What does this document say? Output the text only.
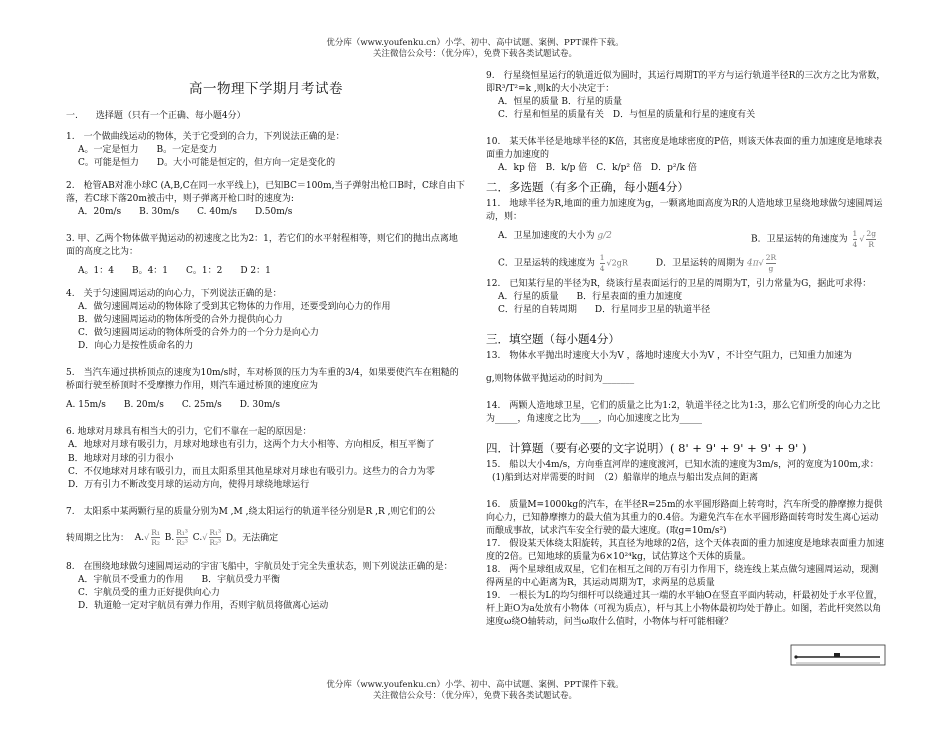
优分库（www.youfenku.cn）小学、初中、高中试题、案例、PPT课件下载。
关注微信公众号：（优分库），免费下载各类试题试卷。
高一物理下学期月考试卷
一.　　选择题（只有一个正确、每小题4分）
1.　一个做曲线运动的物体，关于它受到的合力，下列说法正确的是：
A。一定是恒力　　B。一定是变力
C。可能是恒力　　D。大小可能是恒定的，但方向一定是变化的
2.　枪管AB对准小球C (A,B,C在同一水平线上)，已知BC＝100m,当子弹射出枪口B时，C球自由下落，若C球下落20m被击中，则子弹离开枪口时的速度为:
A．20m/s　　B. 30m/s　　C. 40m/s　　D.50m/s
3. 甲、乙两个物体做平抛运动的初速度之比为2：1，若它们的水平射程相等，则它们的抛出点离地面的高度之比为：
A。1：4　　B。4：1　　C。1：2　　D 2：1
4.　关于匀速圆周运动的向心力，下列说法正确的是：
A．做匀速圆周运动的物体除了受到其它物体的力作用，还要受到向心力的作用
B．做匀速圆周运动的物体所受的合外力提供向心力
C．做匀速圆周运动的物体所受的合外力的一个分力是向心力
D．向心力是按性质命名的力
5.　当汽车通过拱桥顶点的速度为10m/s时，车对桥顶的压力为车重的3/4，如果要使汽车在粗糙的桥面行驶至桥顶时不受摩擦力作用，则汽车通过桥顶的速度应为
A. 15m/s　　B. 20m/s　　C. 25m/s　　D. 30m/s
6. 地球对月球具有相当大的引力，它们不靠在一起的原因是：
A．地球对月球有吸引力，月球对地球也有引力，这两个力大小相等、方向相反，相互平衡了
B．地球对月球的引力很小
C．不仅地球对月球有吸引力，而且太阳系里其他星球对月球也有吸引力。这些力的合力为零
D．万有引力不断改变月球的运动方向，使得月球绕地球运行
7.　太阳系中某两颗行星的质量分别为M ,M ,绕太阳运行的轨道半径分别是R ,R ,则它们的公
转周期之比为：  $A.√ \frac{\text{R₁}}{\text{R₂}} B$. $\frac{\text{R₁³}}{\text{R₂³}} C.√ \frac{\text{R₁³}}{\text{R₂³}}$ D。无法确定
8.　在围绕地球做匀速圆周运动的宇宙飞船中，宇航员处于完全失重状态，则下列说法正确的是：
A．宇航员不受重力的作用　　B．宇航员受力平衡
C．宇航员受的重力正好提供向心力
D．轨道舱一定对宇航员有弹力作用，否则宇航员将做离心运动
9.　行星绕恒星运行的轨道近似为圆时，其运行周期T的平方与运行轨道半径R的三次方之比为常数，即R³/T²=k ,则k的大小决定于：
A．恒星的质量 B．行星的质量
C．行星和恒星的质量有关　D．与恒星的质量和行星的速度有关
10.　某天体半径是地球半径的K倍，其密度是地球密度的P倍，则该天体表面的重力加速度是地球表面重力加速度的
A．kp 倍　B．k/p 倍　C．k/p² 倍　D．p²/k 倍
二．多选题（有多个正确，每小题4分）
11.　地球半径为R,地面的重力加速度为g，一颗离地面高度为R的人造地球卫星绕地球做匀速圆周运动，则：
A．卫星加速度的大小为 g/2	B．卫星运转的角速度为 $\frac{1}{4}$ √ $\frac{2g}{R}$
C．卫星运转的线速度为 $\frac{1}{4} √2gR$	D．卫星运转的周期为 $4\pi√ \frac{2R}{g}$
12.　已知某行星的半径为R，绕该行星表面运行的卫星的周期为T，引力常量为G，据此可求得：
A．行星的质量　　B．行星表面的重力加速度
C．行星的自转周期　　D．行星同步卫星的轨道半径
三．填空题（每小题4分）
13.　物体水平抛出时速度大小为V ，落地时速度大小为V ，不计空气阻力，已知重力加速为
g,则物体做平抛运动的时间为_______
14.　两颗人造地球卫星，它们的质量之比为1:2，轨道半径之比为1:3，那么它们所受的向心力之比为_____，角速度之比为____，向心加速度之比为_____
四．计算题（要有必要的文字说明）( 8' + 9' + 9' + 9' + 9' )
15.　船以大小4m/s，方向垂直河岸的速度渡河，已知水流的速度为3m/s，河的宽度为100m,求：
(1)船到达对岸需要的时间　（2）船靠岸的地点与船出发点间的距离
16.　质量M=1000kg的汽车，在半径R=25m的水平圆形路面上转弯时，汽车所受的静摩擦力提供向心力，已知静摩擦力的最大值为其重力的0.4倍。为避免汽车在水平圆形路面转弯时发生离心运动而酿成事故，试求汽车安全行驶的最大速度。(取g=10m/s²)
17.　假设某天体绕太阳旋转，其直径为地球的2倍，这个天体表面的重力加速度是地球表面重力加速度的2倍。已知地球的质量为6×10²⁴kg，试估算这个天体的质量。
18.　两个星球组成双星，它们在相互之间的万有引力作用下，绕连线上某点做匀速圆周运动，现测得两星的中心距离为R，其运动周期为T，求两星的总质量
19.　一根长为L的均匀细杆可以绕通过其一端的水平轴O在竖直平面内转动，杆最初处于水平位置，杆上距O为a处放有小物体（可视为质点），杆与其上小物体最初均处于静止。如图，若此杆突然以角速度ω绕O轴转动，问当ω取什么值时，小物体与杆可能相碰？
优分库（www.youfenku.cn）小学、初中、高中试题、案例、PPT课件下载。
关注微信公众号：（优分库），免费下载各类试题试卷。
